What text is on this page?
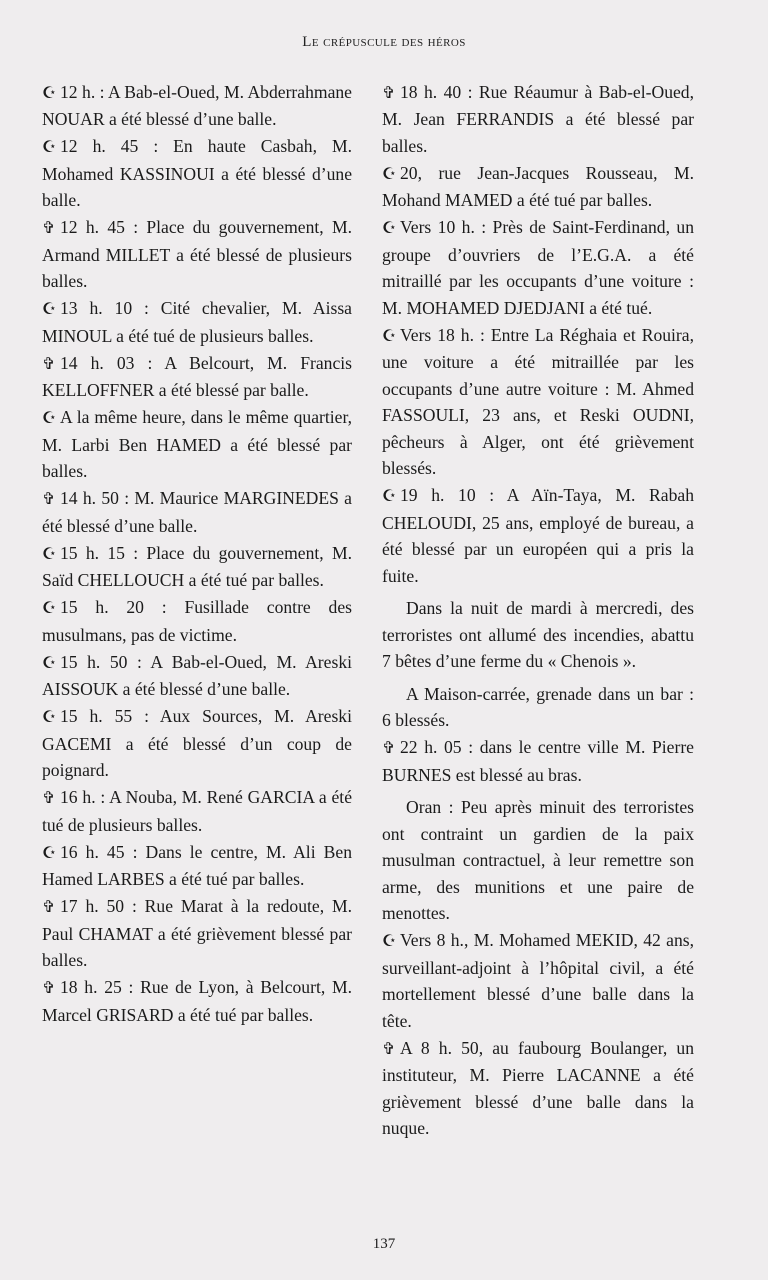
Le crépuscule des héros

☪ 12 h. : A Bab-el-Oued, M. Abderrahmane NOUAR a été blessé d’une balle.

☪ 12 h. 45 : En haute Casbah, M. Mohamed KASSINOUI a été blessé d’une balle.

✞ 12 h. 45 : Place du gouvernement, M. Armand MILLET a été blessé de plusieurs balles.

☪ 13 h. 10 : Cité chevalier, M. Aissa MINOUL a été tué de plusieurs balles.

✞ 14 h. 03 : A Belcourt, M. Francis KELLOFFNER a été blessé par balle.

☪ A la même heure, dans le même quartier, M. Larbi Ben HAMED a été blessé par balles.

✞ 14 h. 50 : M. Maurice MARGINEDES a été blessé d’une balle.

☪ 15 h. 15 : Place du gouvernement, M. Saïd CHELLOUCH a été tué par balles.

☪ 15 h. 20 : Fusillade contre des musulmans, pas de victime.

☪ 15 h. 50 : A Bab-el-Oued, M. Areski AISSOUK a été blessé d’une balle.

☪ 15 h. 55 : Aux Sources, M. Areski GACEMI a été blessé d’un coup de poignard.

✞ 16 h. : A Nouba, M. René GARCIA a été tué de plusieurs balles.

☪ 16 h. 45 : Dans le centre, M. Ali Ben Hamed LARBES a été tué par balles.

✞ 17 h. 50 : Rue Marat à la redoute, M. Paul CHAMAT a été grièvement blessé par balles.

✞ 18 h. 25 : Rue de Lyon, à Belcourt, M. Marcel GRISARD a été tué par balles.

✞ 18 h. 40 : Rue Réaumur à Bab-el-Oued, M. Jean FERRANDIS a été blessé par balles.

☪ 20, rue Jean-Jacques Rousseau, M. Mohand MAMED a été tué par balles.

☪ Vers 10 h. : Près de Saint-Ferdinand, un groupe d’ouvriers de l’E.G.A. a été mitraillé par les occupants d’une voiture : M. MOHAMED DJEDJANI a été tué.

☪ Vers 18 h. : Entre La Réghaia et Rouira, une voiture a été mitraillée par les occupants d’une autre voiture : M. Ahmed FASSOULI, 23 ans, et Reski OUDNI, pêcheurs à Alger, ont été grièvement blessés.

☪ 19 h. 10 : A Aïn-Taya, M. Rabah CHELOUDI, 25 ans, employé de bureau, a été blessé par un européen qui a pris la fuite.

Dans la nuit de mardi à mercredi, des terroristes ont allumé des incendies, abattu 7 bêtes d’une ferme du « Chenois ».

A Maison-carrée, grenade dans un bar : 6 blessés.

✞ 22 h. 05 : dans le centre ville M. Pierre BURNES est blessé au bras.

Oran : Peu après minuit des terroristes ont contraint un gardien de la paix musulman contractuel, à leur remettre son arme, des munitions et une paire de menottes.

☪ Vers 8 h., M. Mohamed MEKID, 42 ans, surveillant-adjoint à l’hôpital civil, a été mortellement blessé d’une balle dans la tête.

✞ A 8 h. 50, au faubourg Boulanger, un instituteur, M. Pierre LACANNE a été grièvement blessé d’une balle dans la nuque.

137
